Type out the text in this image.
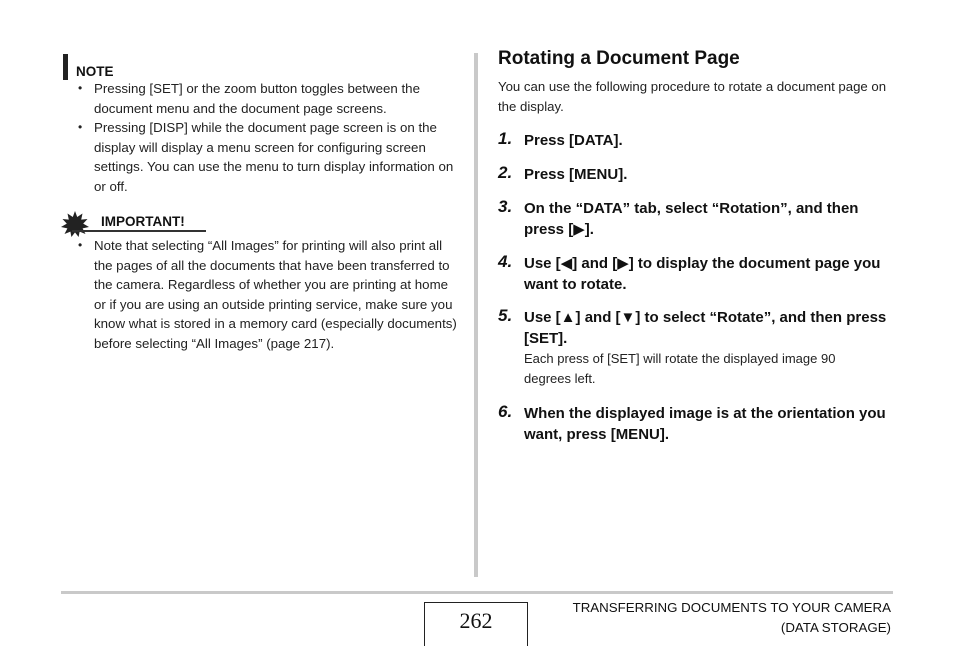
NOTE
• Pressing [SET] or the zoom button toggles between the document menu and the document page screens.
• Pressing [DISP] while the document page screen is on the display will display a menu screen for configuring screen settings. You can use the menu to turn display information on or off.
IMPORTANT!
• Note that selecting “All Images” for printing will also print all the pages of all the documents that have been transferred to the camera. Regardless of whether you are printing at home or if you are using an outside printing service, make sure you know what is stored in a memory card (especially documents) before selecting “All Images” (page 217).
Rotating a Document Page
You can use the following procedure to rotate a document page on the display.
1. Press [DATA].
2. Press [MENU].
3. On the “DATA” tab, select “Rotation”, and then press [▶].
4. Use [◀] and [▶] to display the document page you want to rotate.
5. Use [▲] and [▼] to select “Rotate”, and then press [SET].
Each press of [SET] will rotate the displayed image 90 degrees left.
6. When the displayed image is at the orientation you want, press [MENU].
262
TRANSFERRING DOCUMENTS TO YOUR CAMERA
(DATA STORAGE)
